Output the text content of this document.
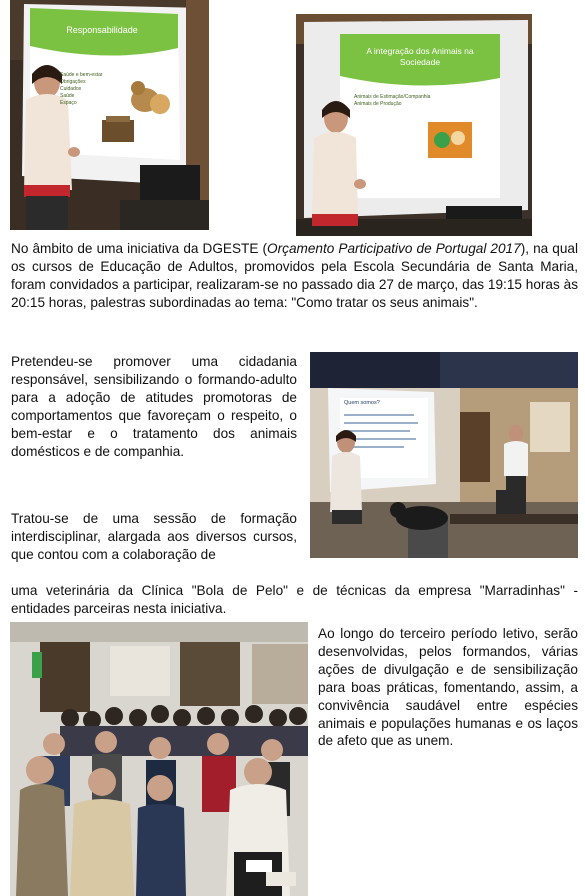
Responsabilidade
Saúde e bem-estar
Obrigações
Cuidados
Saúde
Espaço
A integração dos Animais na Sociedade
Animais de Estimação/Companhia
Animais de Produção

No âmbito de uma iniciativa da DGESTE (Orçamento Participativo de Portugal 2017), na qual os cursos de Educação de Adultos, promovidos pela Escola Secundária de Santa Maria, foram convidados a participar, realizaram-se no passado dia 27 de março, das 19:15 horas às 20:15 horas, palestras subordinadas ao tema: "Como tratar os seus animais".

Pretendeu-se promover uma cidadania responsável, sensibilizando o formando-adulto para a adoção de atitudes promotoras de comportamentos que favoreçam o respeito, o bem-estar e o tratamento dos animais domésticos e de companhia.

Quem somos?

Tratou-se de uma sessão de formação interdisciplinar, alargada aos diversos cursos, que contou com a colaboração de

uma veterinária da Clínica "Bola de Pelo" e de técnicas da empresa "Marradinhas" - entidades parceiras nesta iniciativa.

Ao longo do terceiro período letivo, serão desenvolvidas, pelos formandos, várias ações de divulgação e de sensibilização para boas práticas, fomentando, assim, a convivência saudável entre espécies animais e populações humanas e os laços de afeto que as unem.
